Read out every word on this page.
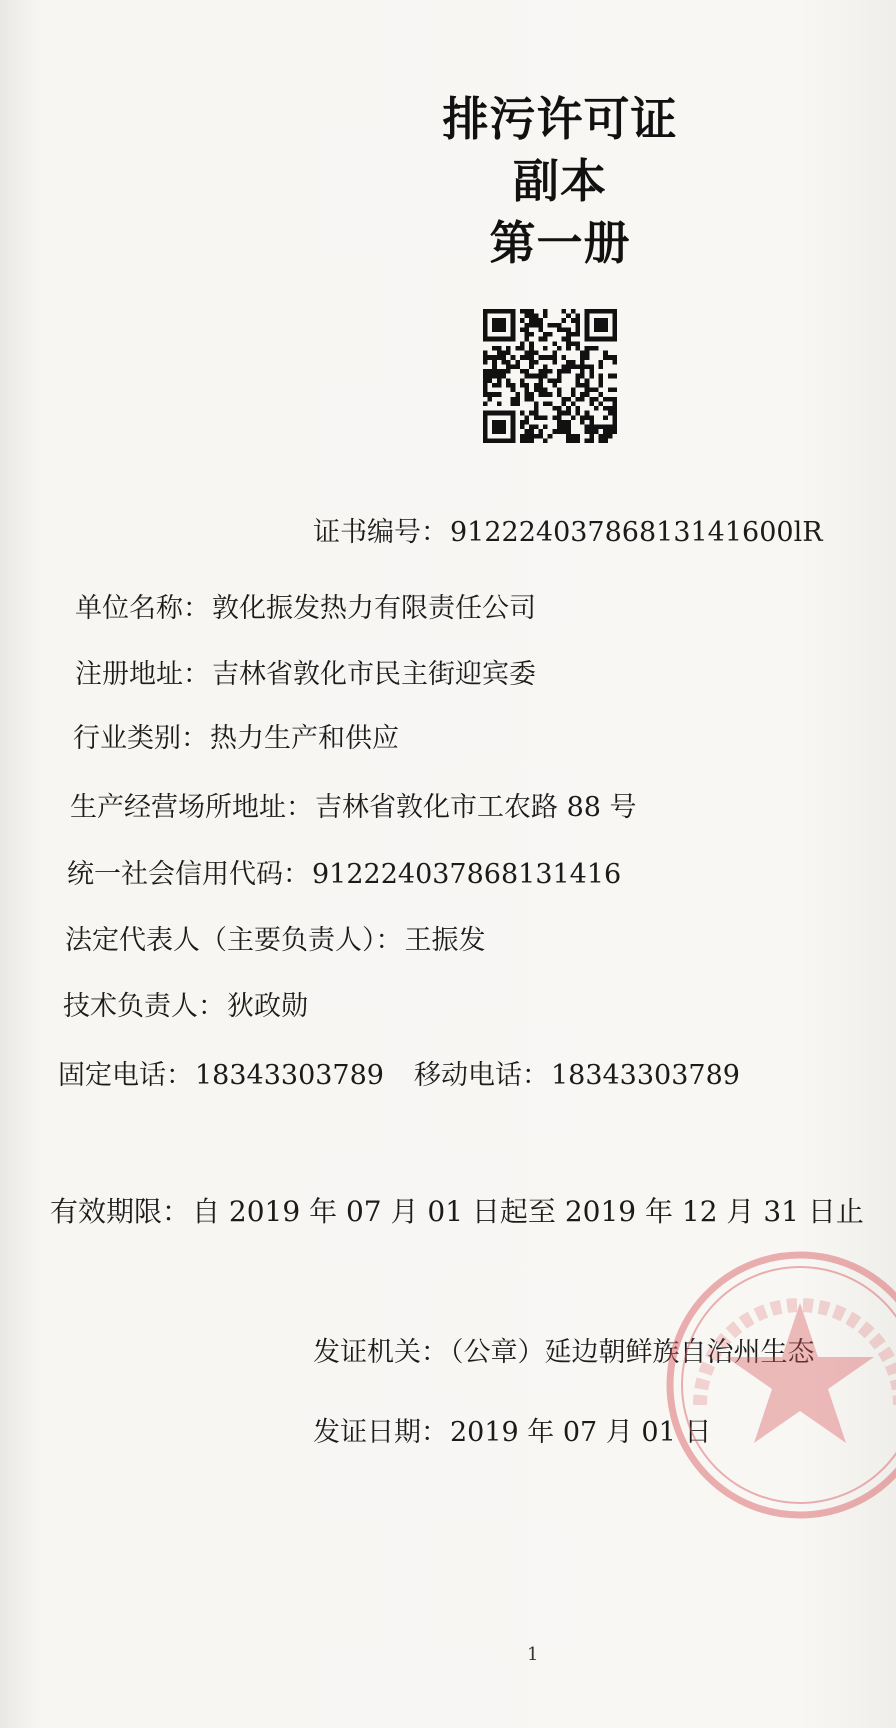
排污许可证
副本
第一册
证书编号：91222403786813141600lR
单位名称：敦化振发热力有限责任公司
注册地址：吉林省敦化市民主街迎宾委
行业类别：热力生产和供应
生产经营场所地址：吉林省敦化市工农路 88 号
统一社会信用代码：912224037868131416
法定代表人（主要负责人）：王振发
技术负责人：狄政勋
固定电话：18343303789 移动电话：18343303789
有效期限：自 2019 年 07 月 01 日起至 2019 年 12 月 31 日止
发证机关：（公章）延边朝鲜族自治州生态
发证日期：2019 年 07 月 01 日
1
